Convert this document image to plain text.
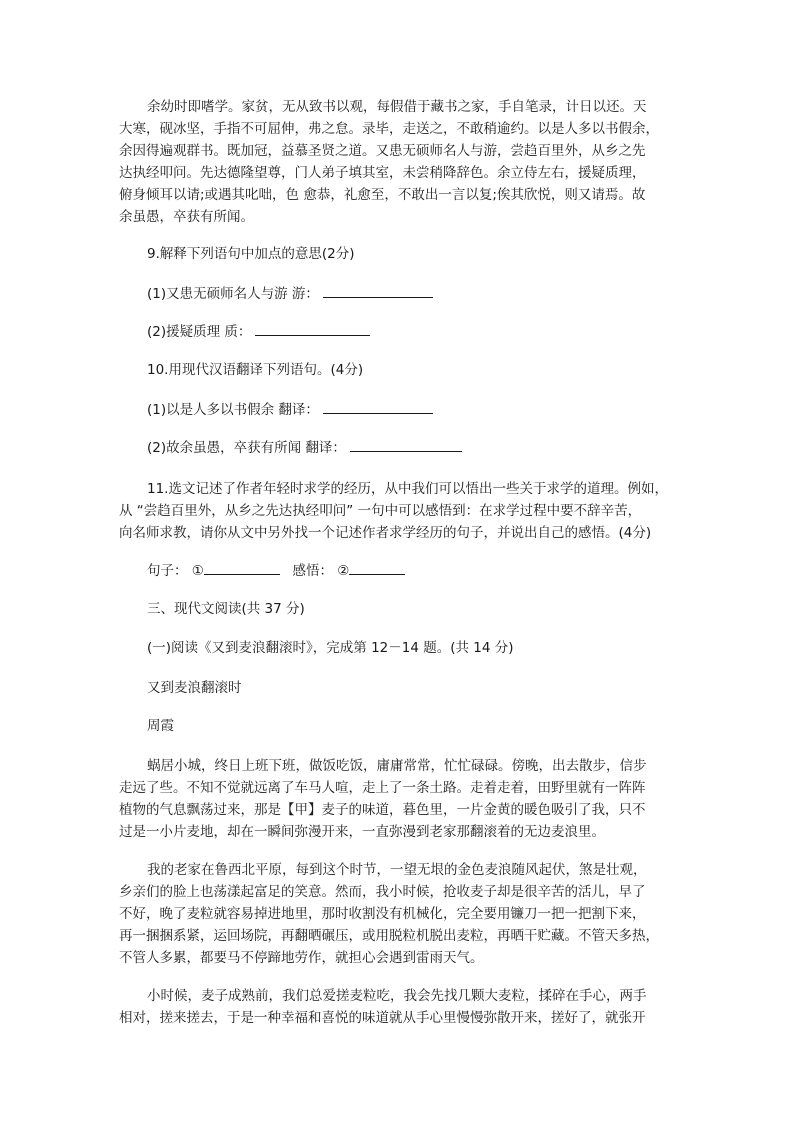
余幼时即嗜学。家贫，无从致书以观，每假借于藏书之家，手自笔录，计日以还。天
大寒，砚冰坚，手指不可屈伸，弗之怠。录毕，走送之，不敢稍逾约。以是人多以书假余，
余因得遍观群书。既加冠，益慕圣贤之道。又患无硕师名人与游，尝趋百里外，从乡之先
达执经叩问。先达德隆望尊，门人弟子填其室，未尝稍降辞色。余立侍左右，援疑质理，
俯身倾耳以请;或遇其叱咄，色 愈恭，礼愈至，不敢出一言以复;俟其欣悦，则又请焉。故
余虽愚，卒获有所闻。
9.解释下列语句中加点的意思(2分)
(1)又患无硕师名人与游 游：
(2)援疑质理 质：
10.用现代汉语翻译下列语句。(4分)
(1)以是人多以书假余 翻译：
(2)故余虽愚，卒获有所闻 翻译：
11.选文记述了作者年轻时求学的经历，从中我们可以悟出一些关于求学的道理。例如，
从 “尝趋百里外，从乡之先达执经叩问” 一句中可以感悟到：在求学过程中要不辞辛苦，
向名师求教，请你从文中另外找一个记述作者求学经历的句子，并说出自己的感悟。(4分)
句子： ①	感悟： ②
三、现代文阅读(共 37 分)
(一)阅读《又到麦浪翻滚时》，完成第 12－14 题。(共 14 分)
又到麦浪翻滚时
周霞
蜗居小城，终日上班下班，做饭吃饭，庸庸常常，忙忙碌碌。傍晚，出去散步，信步
走远了些。不知不觉就远离了车马人喧，走上了一条土路。走着走着，田野里就有一阵阵
植物的气息飘荡过来，那是【甲】麦子的味道，暮色里，一片金黄的暖色吸引了我，只不
过是一小片麦地，却在一瞬间弥漫开来，一直弥漫到老家那翻滚着的无边麦浪里。
我的老家在鲁西北平原，每到这个时节，一望无垠的金色麦浪随风起伏，煞是壮观，
乡亲们的脸上也荡漾起富足的笑意。然而，我小时候，抢收麦子却是很辛苦的活儿，早了
不好，晚了麦粒就容易掉进地里，那时收割没有机械化，完全要用镰刀一把一把割下来，
再一捆捆系紧，运回场院，再翻晒碾压，或用脱粒机脱出麦粒，再晒干贮藏。不管天多热，
不管人多累，都要马不停蹄地劳作，就担心会遇到雷雨天气。
小时候，麦子成熟前，我们总爱搓麦粒吃，我会先找几颗大麦粒，揉碎在手心，两手
相对，搓来搓去，于是一种幸福和喜悦的味道就从手心里慢慢弥散开来，搓好了，就张开
